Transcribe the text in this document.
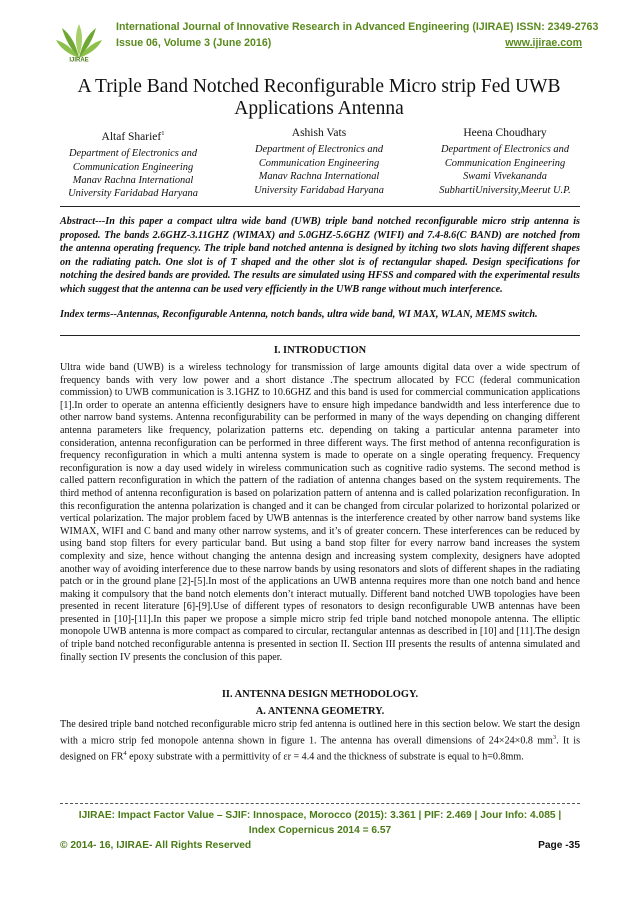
IJIRAE
International Journal of Innovative Research in Advanced Engineering (IJIRAE) ISSN: 2349-2763
Issue 06, Volume 3 (June 2016)	www.ijirae.com
A Triple Band Notched Reconfigurable Micro strip Fed UWB Applications Antenna
Altaf Sharief$^1$
Department of Electronics and
Communication Engineering
Manav Rachna International
University Faridabad Haryana
Ashish Vats
Department of Electronics and
Communication Engineering
Manav Rachna International
University Faridabad Haryana
Heena Choudhary
Department of Electronics and
Communication Engineering
Swami Vivekananda
SubhartiUniversity,Meerut U.P.
Abstract---In this paper a compact ultra wide band (UWB) triple band notched reconfigurable micro strip antenna is proposed. The bands 2.6GHZ-3.11GHZ (WIMAX) and 5.0GHZ-5.6GHZ (WIFI) and 7.4-8.6(C BAND) are notched from the antenna operating frequency. The triple band notched antenna is designed by itching two slots having different shapes on the radiating patch. One slot is of T shaped and the other slot is of rectangular shaped. Design specifications for notching the desired bands are provided. The results are simulated using HFSS and compared with the experimental results which suggest that the antenna can be used very efficiently in the UWB range without much interference.
Index terms--Antennas, Reconfigurable Antenna, notch bands, ultra wide band, WI MAX, WLAN, MEMS switch.
I. INTRODUCTION
Ultra wide band (UWB) is a wireless technology for transmission of large amounts digital data over a wide spectrum of frequency bands with very low power and a short distance .The spectrum allocated by FCC (federal communication commission) to UWB communication is 3.1GHZ to 10.6GHZ and this band is used for commercial communication applications [1].In order to operate an antenna efficiently designers have to ensure high impedance bandwidth and less interference due to other narrow band systems. Antenna reconfigurability can be performed in many of the ways depending on changing different antenna parameters like frequency, polarization patterns etc. depending on taking a particular antenna parameter into consideration, antenna reconfiguration can be performed in three different ways. The first method of antenna reconfiguration is frequency reconfiguration in which a multi antenna system is made to operate on a single operating frequency. Frequency reconfiguration is now a day used widely in wireless communication such as cognitive radio systems. The second method is called pattern reconfiguration in which the pattern of the radiation of antenna changes based on the system requirements. The third method of antenna reconfiguration is based on polarization pattern of antenna and is called polarization reconfiguration. In this reconfiguration the antenna polarization is changed and it can be changed from circular polarized to horizontal polarized or vertical polarization. The major problem faced by UWB antennas is the interference created by other narrow band systems like WIMAX, WIFI and C band and many other narrow systems, and it’s of greater concern. These interferences can be reduced by using band stop filters for every particular band. But using a band stop filter for every narrow band increases the system complexity and size, hence without changing the antenna design and increasing system complexity, designers have adopted another way of avoiding interference due to these narrow bands by using resonators and slots of different shapes in the radiating patch or in the ground plane [2]-[5].In most of the applications an UWB antenna requires more than one notch band and hence making it compulsory that the band notch elements don’t interact mutually. Different band notched UWB topologies have been presented in recent literature [6]-[9].Use of different types of resonators to design reconfigurable UWB antennas have been presented in [10]-[11].In this paper we propose a simple micro strip fed triple band notched monopole antenna. The elliptic monopole UWB antenna is more compact as compared to circular, rectangular antennas as described in [10] and [11].The design of triple band notched reconfigurable antenna is presented in section II. Section III presents the results of antenna simulated and finally section IV presents the conclusion of this paper.
II. ANTENNA DESIGN METHODOLOGY.
A. ANTENNA GEOMETRY.
The desired triple band notched reconfigurable micro strip fed antenna is outlined here in this section below. We start the design with a micro strip fed monopole antenna shown in figure 1. The antenna has overall dimensions of 24×24×0.8 $mm^3$. It is designed on $FR^4$ epoxy substrate with a permittivity of εr = 4.4 and the thickness of substrate is equal to h=0.8mm.
IJIRAE: Impact Factor Value – SJIF: Innospace, Morocco (2015): 3.361 | PIF: 2.469 | Jour Info: 4.085 |
Index Copernicus 2014 = 6.57
© 2014- 16, IJIRAE- All Rights Reserved	Page -35
